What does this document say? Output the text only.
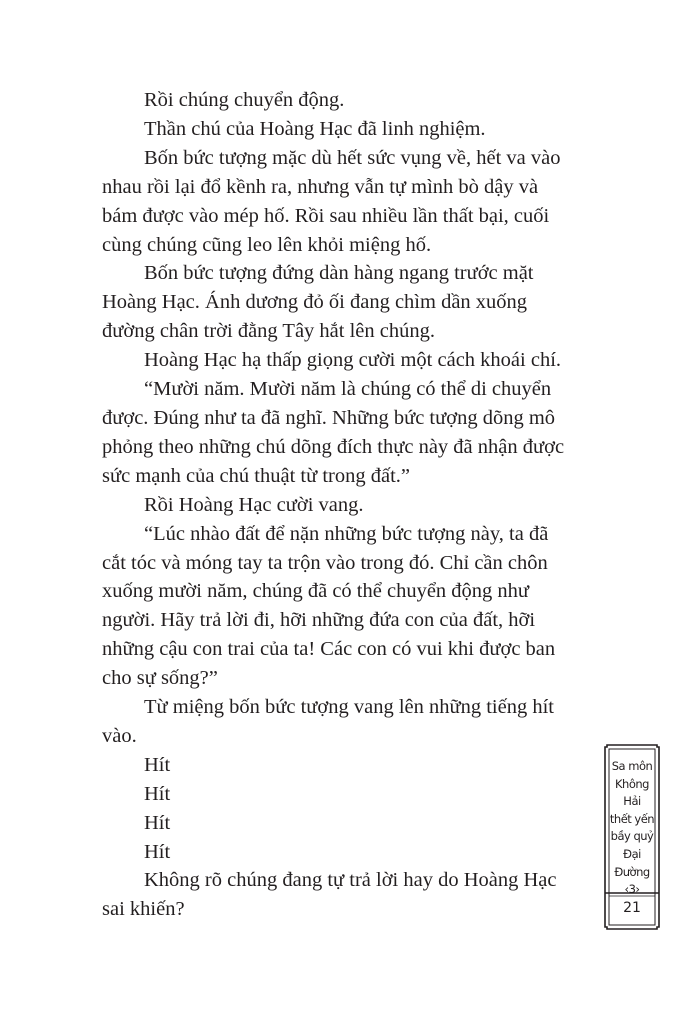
Rồi chúng chuyển động.

Thần chú của Hoàng Hạc đã linh nghiệm.

Bốn bức tượng mặc dù hết sức vụng về, hết va vào
nhau rồi lại đổ kềnh ra, nhưng vẫn tự mình bò dậy và
bám được vào mép hố. Rồi sau nhiều lần thất bại, cuối
cùng chúng cũng leo lên khỏi miệng hố.

Bốn bức tượng đứng dàn hàng ngang trước mặt
Hoàng Hạc. Ánh dương đỏ ối đang chìm dần xuống
đường chân trời đằng Tây hắt lên chúng.

Hoàng Hạc hạ thấp giọng cười một cách khoái chí.

“Mười năm. Mười năm là chúng có thể di chuyển
được. Đúng như ta đã nghĩ. Những bức tượng dõng mô
phỏng theo những chú dõng đích thực này đã nhận được
sức mạnh của chú thuật từ trong đất.”

Rồi Hoàng Hạc cười vang.

“Lúc nhào đất để nặn những bức tượng này, ta đã
cắt tóc và móng tay ta trộn vào trong đó. Chỉ cần chôn
xuống mười năm, chúng đã có thể chuyển động như
người. Hãy trả lời đi, hỡi những đứa con của đất, hỡi
những cậu con trai của ta! Các con có vui khi được ban
cho sự sống?”

Từ miệng bốn bức tượng vang lên những tiếng hít
vào.

Hít

Hít

Hít

Hít

Không rõ chúng đang tự trả lời hay do Hoàng Hạc
sai khiến?

Sa môn
Không Hải
thết yến
bầy quỷ
Đại Đường
‹3›

21
